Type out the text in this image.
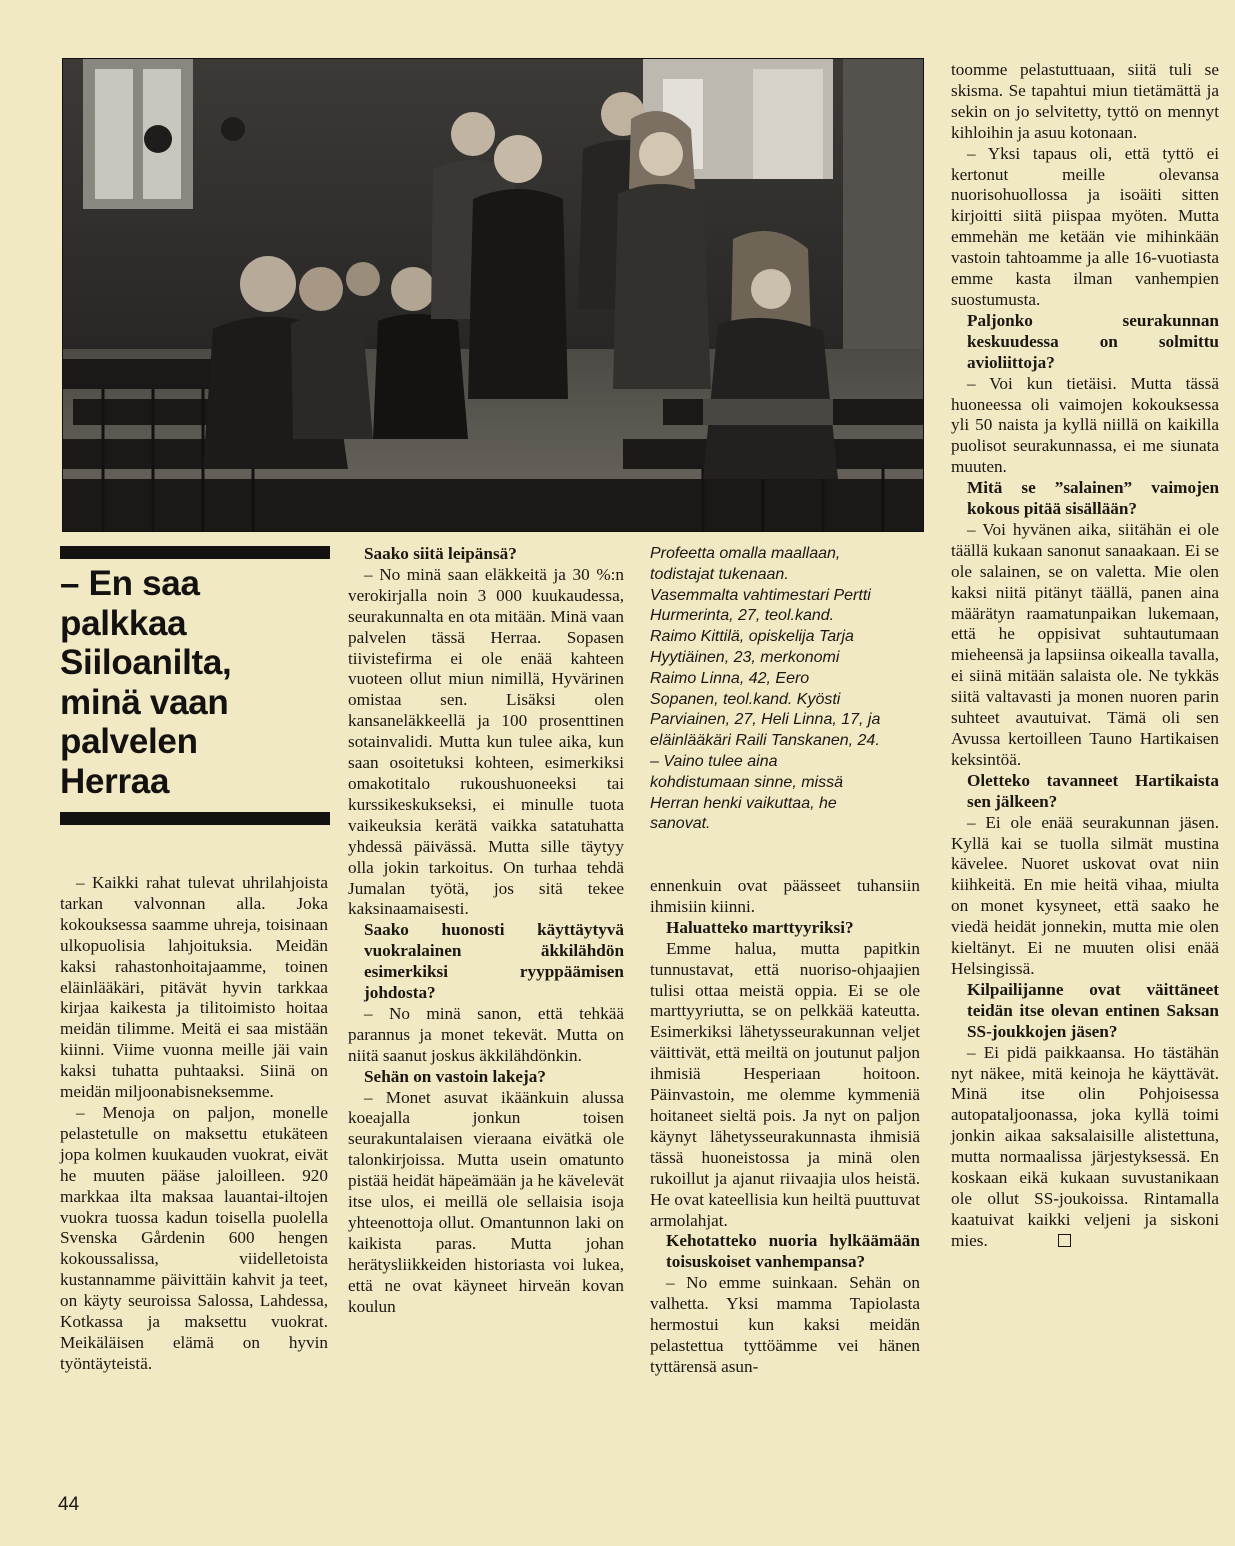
– En saa
palkkaa
Siiloanilta,
minä vaan
palvelen
Herraa

– Kaikki rahat tulevat uhrilahjoista tarkan valvonnan alla. Joka kokouksessa saamme uhreja, toisinaan ulkopuolisia lahjoituksia. Meidän kaksi rahastonhoitajaamme, toinen eläinlääkäri, pitävät hyvin tarkkaa kirjaa kaikesta ja tilitoimisto hoitaa meidän tilimme. Meitä ei saa mistään kiinni. Viime vuonna meille jäi vain kaksi tuhatta puhtaaksi. Siinä on meidän miljoonabisneksemme.

– Menoja on paljon, monelle pelastetulle on maksettu etukäteen jopa kolmen kuukauden vuokrat, eivät he muuten pääse jaloilleen. 920 markkaa ilta maksaa lauantai-iltojen vuokra tuossa kadun toisella puolella Svenska Gårdenin 600 hengen kokoussalissa, viidelletoista kustannamme päivittäin kahvit ja teet, on käyty seuroissa Salossa, Lahdessa, Kotkassa ja maksettu vuokrat. Meikäläisen elämä on hyvin työntäyteistä.

Saako siitä leipänsä?

– No minä saan eläkkeitä ja 30 %:n verokirjalla noin 3 000 kuukaudessa, seurakunnalta en ota mitään. Minä vaan palvelen tässä Herraa. Sopasen tiivistefirma ei ole enää kahteen vuoteen ollut miun nimillä, Hyvärinen omistaa sen. Lisäksi olen kansaneläkkeellä ja 100 prosenttinen sotainvalidi. Mutta kun tulee aika, kun saan osoitetuksi kohteen, esimerkiksi omakotitalo rukoushuoneeksi tai kurssikeskukseksi, ei minulle tuota vaikeuksia kerätä vaikka satatuhatta yhdessä päivässä. Mutta sille täytyy olla jokin tarkoitus. On turhaa tehdä Jumalan työtä, jos sitä tekee kaksinaamaisesti.

Saako huonosti käyttäytyvä vuokralainen äkkilähdön esimerkiksi ryyppäämisen johdosta?

– No minä sanon, että tehkää parannus ja monet tekevät. Mutta on niitä saanut joskus äkkilähdönkin.

Sehän on vastoin lakeja?

– Monet asuvat ikäänkuin alussa koeajalla jonkun toisen seurakuntalaisen vieraana eivätkä ole talonkirjoissa. Mutta usein omatunto pistää heidät häpeämään ja he kävelevät itse ulos, ei meillä ole sellaisia isoja yhteenottoja ollut. Omantunnon laki on kaikista paras. Mutta johan herätysliikkeiden historiasta voi lukea, että ne ovat käyneet hirveän kovan koulun

Profeetta omalla maallaan,
todistajat tukenaan.
Vasemmalta vahtimestari Pertti
Hurmerinta, 27, teol.kand.
Raimo Kittilä, opiskelija Tarja
Hyytiäinen, 23, merkonomi
Raimo Linna, 42, Eero
Sopanen, teol.kand. Kyösti
Parviainen, 27, Heli Linna, 17, ja
eläinlääkäri Raili Tanskanen, 24.
– Vaino tulee aina
kohdistumaan sinne, missä
Herran henki vaikuttaa, he
sanovat.

ennenkuin ovat päässeet tuhansiin ihmisiin kiinni.

Haluatteko marttyyriksi?

Emme halua, mutta papitkin tunnustavat, että nuoriso-ohjaajien tulisi ottaa meistä oppia. Ei se ole marttyyriutta, se on pelkkää kateutta. Esimerkiksi lähetysseurakunnan veljet väittivät, että meiltä on joutunut paljon ihmisiä Hesperiaan hoitoon. Päinvastoin, me olemme kymmeniä hoitaneet sieltä pois. Ja nyt on paljon käynyt lähetysseurakunnasta ihmisiä tässä huoneistossa ja minä olen rukoillut ja ajanut riivaajia ulos heistä. He ovat kateellisia kun heiltä puuttuvat armolahjat.

Kehotatteko nuoria hylkäämään toisuskoiset vanhempansa?

– No emme suinkaan. Sehän on valhetta. Yksi mamma Tapiolasta hermostui kun kaksi meidän pelastettua tyttöämme vei hänen tyttärensä asun-

toomme pelastuttuaan, siitä tuli se skisma. Se tapahtui miun tietämättä ja sekin on jo selvitetty, tyttö on mennyt kihloihin ja asuu kotonaan.

– Yksi tapaus oli, että tyttö ei kertonut meille olevansa nuorisohuollossa ja isoäiti sitten kirjoitti siitä piispaa myöten. Mutta emmehän me ketään vie mihinkään vastoin tahtoamme ja alle 16-vuotiasta emme kasta ilman vanhempien suostumusta.

Paljonko seurakunnan keskuudessa on solmittu avioliittoja?

– Voi kun tietäisi. Mutta tässä huoneessa oli vaimojen kokouksessa yli 50 naista ja kyllä niillä on kaikilla puolisot seurakunnassa, ei me siunata muuten.

Mitä se ”salainen” vaimojen kokous pitää sisällään?

– Voi hyvänen aika, siitähän ei ole täällä kukaan sanonut sanaakaan. Ei se ole salainen, se on valetta. Mie olen kaksi niitä pitänyt täällä, panen aina määrätyn raamatunpaikan lukemaan, että he oppisivat suhtautumaan mieheensä ja lapsiinsa oikealla tavalla, ei siinä mitään salaista ole. Ne tykkäs siitä valtavasti ja monen nuoren parin suhteet avautuivat. Tämä oli sen Avussa kertoilleen Tauno Hartikaisen keksintöä.

Oletteko tavanneet Hartikaista sen jälkeen?

– Ei ole enää seurakunnan jäsen. Kyllä kai se tuolla silmät mustina kävelee. Nuoret uskovat ovat niin kiihkeitä. En mie heitä vihaa, miulta on monet kysyneet, että saako he viedä heidät jonnekin, mutta mie olen kieltänyt. Ei ne muuten olisi enää Helsingissä.

Kilpailijanne ovat väittäneet teidän itse olevan entinen Saksan SS-joukkojen jäsen?

– Ei pidä paikkaansa. Ho tästähän nyt näkee, mitä keinoja he käyttävät. Minä itse olin Pohjoisessa autopataljoonassa, joka kyllä toimi jonkin aikaa saksalaisille alistettuna, mutta normaalissa järjestyksessä. En koskaan eikä kukaan suvustanikaan ole ollut SS-joukoissa. Rintamalla kaatuivat kaikki veljeni ja siskoni mies.

44
